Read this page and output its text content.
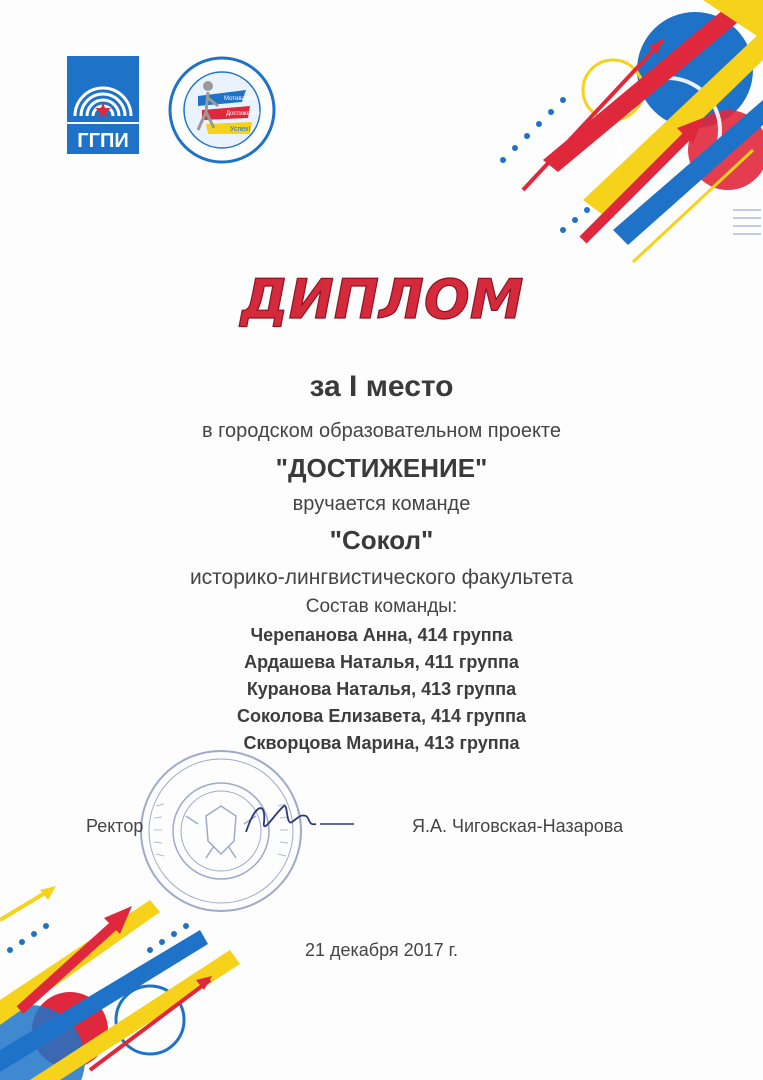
ГГПИ
Мотивация
Достижение
Успех!
ДИПЛОМ
за I место
в городском образовательном проекте
"ДОСТИЖЕНИЕ"
вручается команде
"Сокол"
историко-лингвистического факультета
Состав команды:
Черепанова Анна, 414 группа
Ардашева Наталья, 411 группа
Куранова Наталья, 413 группа
Соколова Елизавета, 414 группа
Скворцова Марина, 413 группа
Ректор	Я.А. Чиговская-Назарова
21 декабря 2017 г.
